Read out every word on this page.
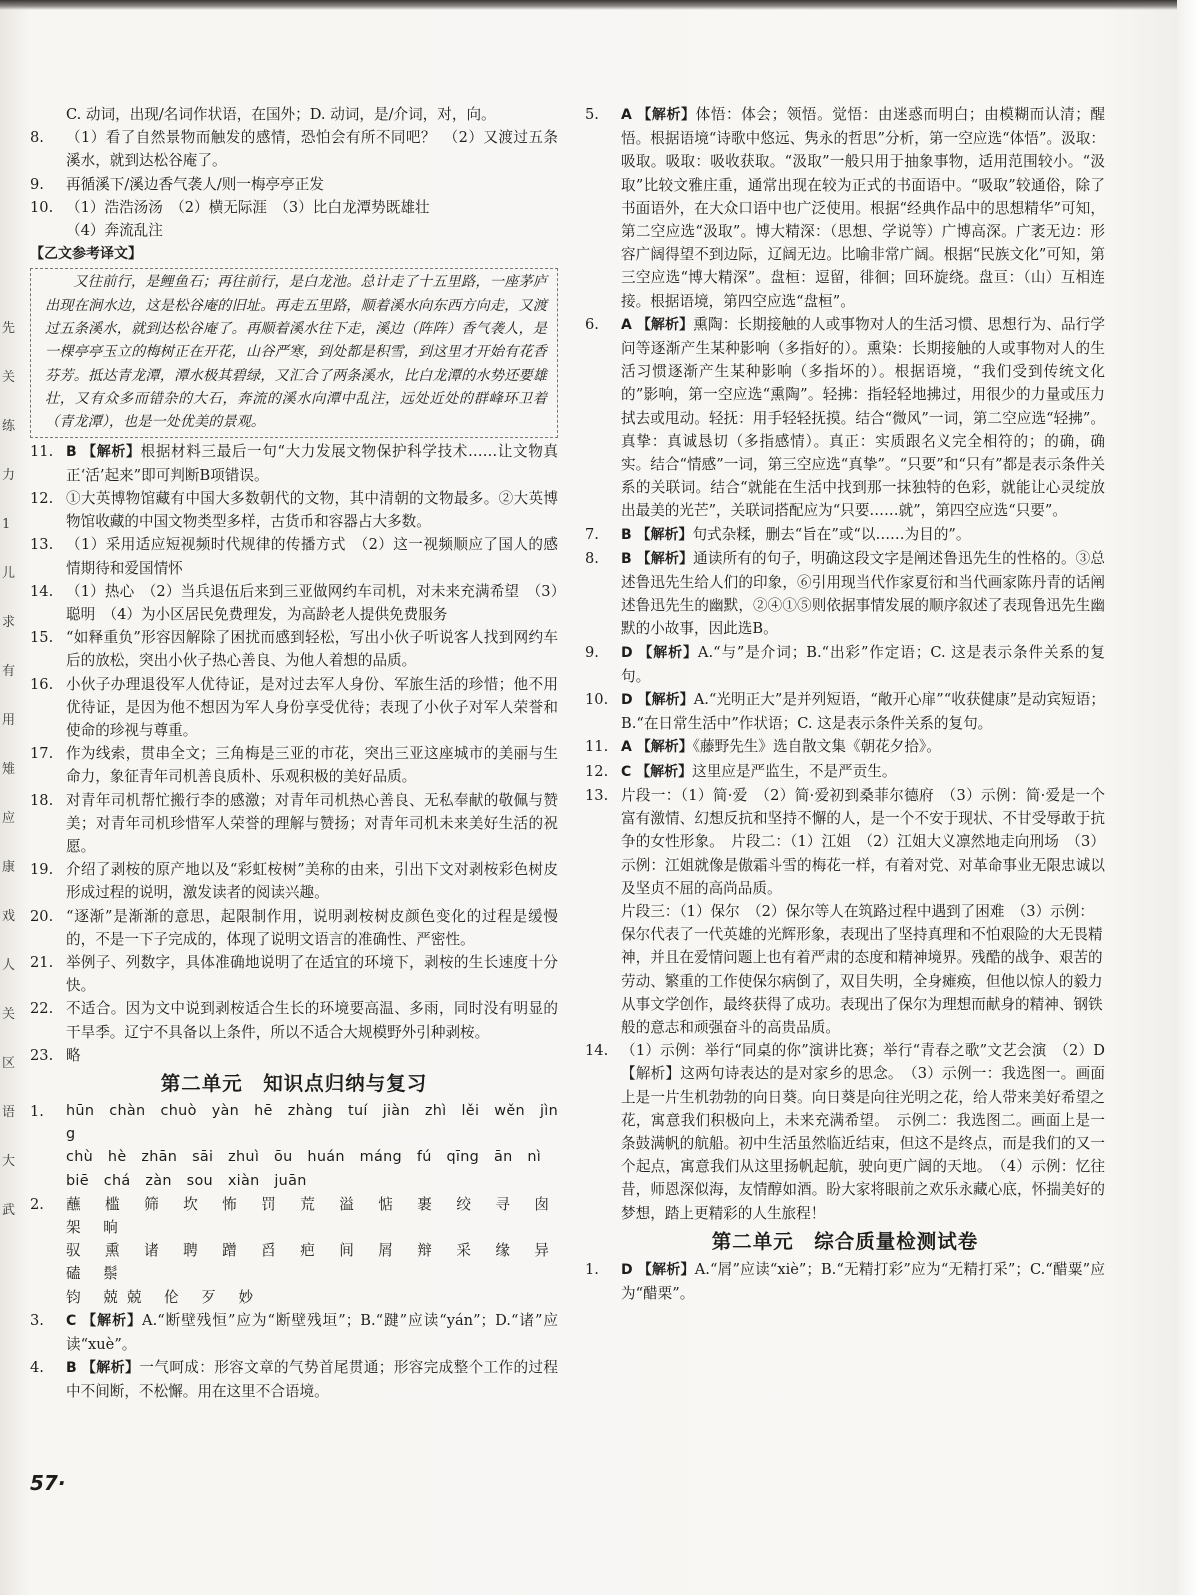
先
关
练
力
1
儿
求
有
用
雉
应
康
戏
人
关
区
语
大
武
C. 动词，出现/名词作状语，在国外；D. 动词，是/介词，对，向。
8. （1）看了自然景物而触发的感情，恐怕会有所不同吧？　（2）又渡过五条溪水，就到达松谷庵了。
9. 再循溪下/溪边香气袭人/则一梅亭亭正发
10. （1）浩浩汤汤　（2）横无际涯　（3）比白龙潭势既雄壮
（4）奔流乱注
【乙文参考译文】
又往前行，是鲤鱼石；再往前行，是白龙池。总计走了十五里路，一座茅庐出现在涧水边，这是松谷庵的旧址。再走五里路，顺着溪水向东西方向走，又渡过五条溪水，就到达松谷庵了。再顺着溪水往下走，溪边（阵阵）香气袭人，是一棵亭亭玉立的梅树正在开花，山谷严寒，到处都是积雪，到这里才开始有花香芬芳。抵达青龙潭，潭水极其碧绿，又汇合了两条溪水，比白龙潭的水势还要雄壮，又有众多而错杂的大石，奔流的溪水向潭中乱注，远处近处的群峰环卫着（青龙潭），也是一处优美的景观。
11. B 【解析】根据材料三最后一句“大力发展文物保护科学技术……让文物真正‘活’起来”即可判断B项错误。
12. ①大英博物馆藏有中国大多数朝代的文物，其中清朝的文物最多。②大英博物馆收藏的中国文物类型多样，古货币和容器占大多数。
13. （1）采用适应短视频时代规律的传播方式　（2）这一视频顺应了国人的感情期待和爱国情怀
14. （1）热心　（2）当兵退伍后来到三亚做网约车司机，对未来充满希望　（3）聪明　（4）为小区居民免费理发，为高龄老人提供免费服务
15. “如释重负”形容因解除了困扰而感到轻松，写出小伙子听说客人找到网约车后的放松，突出小伙子热心善良、为他人着想的品质。
16. 小伙子办理退役军人优待证，是对过去军人身份、军旅生活的珍惜；他不用优待证，是因为他不想因为军人身份享受优待；表现了小伙子对军人荣誉和使命的珍视与尊重。
17. 作为线索，贯串全文；三角梅是三亚的市花，突出三亚这座城市的美丽与生命力，象征青年司机善良质朴、乐观积极的美好品质。
18. 对青年司机帮忙搬行李的感激；对青年司机热心善良、无私奉献的敬佩与赞美；对青年司机珍惜军人荣誉的理解与赞扬；对青年司机未来美好生活的祝愿。
19. 介绍了剥桉的原产地以及“彩虹桉树”美称的由来，引出下文对剥桉彩色树皮形成过程的说明，激发读者的阅读兴趣。
20. “逐渐”是渐渐的意思，起限制作用，说明剥桉树皮颜色变化的过程是缓慢的，不是一下子完成的，体现了说明文语言的准确性、严密性。
21. 举例子、列数字，具体准确地说明了在适宜的环境下，剥桉的生长速度十分快。
22. 不适合。因为文中说到剥桉适合生长的环境要高温、多雨，同时没有明显的干旱季。辽宁不具备以上条件，所以不适合大规模野外引种剥桉。
23. 略
第二单元　知识点归纳与复习
1. hūn chàn chuò yàn hē zhàng tuí jiàn zhì lěi wěn jìng
chù hè zhān sāi zhuì ōu huán máng fú qīng ān nì
biē chá zàn sou xiàn juān
2. 蘸 槛 筛 坎 怖 罚 荒 溢 惦 裹 绞 寻 囱 架 晌
驭 熏 诸 聘 蹭 舀 疤 间 屑 辩 采 缘 异 磕 鬃
钧 兢兢 伦 歹 妙
3. C 【解析】A.“断壁残恒”应为“断壁残垣”；B.“踺”应读“yán”；D.“诸”应读“xuè”。
4. B 【解析】一气呵成：形容文章的气势首尾贯通；形容完成整个工作的过程中不间断，不松懈。用在这里不合语境。
5. A 【解析】体悟：体会；领悟。觉悟：由迷惑而明白；由模糊而认清；醒悟。根据语境“诗歌中悠远、隽永的哲思”分析，第一空应选“体悟”。汲取：吸取。吸取：吸收获取。“汲取”一般只用于抽象事物，适用范围较小。“汲取”比较文雅庄重，通常出现在较为正式的书面语中。“吸取”较通俗，除了书面语外，在大众口语中也广泛使用。根据“经典作品中的思想精华”可知，第二空应选“汲取”。博大精深：（思想、学说等）广博高深。广袤无边：形容广阔得望不到边际，辽阔无边。比喻非常广阔。根据“民族文化”可知，第三空应选“博大精深”。盘桓：逗留，徘徊；回环旋绕。盘亘：（山）互相连接。根据语境，第四空应选“盘桓”。
6. A 【解析】熏陶：长期接触的人或事物对人的生活习惯、思想行为、品行学问等逐渐产生某种影响（多指好的）。熏染：长期接触的人或事物对人的生活习惯逐渐产生某种影响（多指坏的）。根据语境，“我们受到传统文化的”影响，第一空应选“熏陶”。轻拂：指轻轻地拂过，用很少的力量或压力拭去或甩动。轻抚：用手轻轻抚摸。结合“微风”一词，第二空应选“轻拂”。真挚：真诚恳切（多指感情）。真正：实质跟名义完全相符的；的确，确实。结合“情感”一词，第三空应选“真挚”。“只要”和“只有”都是表示条件关系的关联词。结合“就能在生活中找到那一抹独特的色彩，就能让心灵绽放出最美的光芒”，关联词搭配应为“只要……就”，第四空应选“只要”。
7. B 【解析】句式杂糅，删去“旨在”或“以……为目的”。
8. B 【解析】通读所有的句子，明确这段文字是阐述鲁迅先生的性格的。③总述鲁迅先生给人们的印象，⑥引用现当代作家夏衍和当代画家陈丹青的话阐述鲁迅先生的幽默，②④①⑤则依据事情发展的顺序叙述了表现鲁迅先生幽默的小故事，因此选B。
9. D 【解析】A.“与”是介词；B.“出彩”作定语；C. 这是表示条件关系的复句。
10. D 【解析】A.“光明正大”是并列短语，“敞开心扉”“收获健康”是动宾短语；B.“在日常生活中”作状语；C. 这是表示条件关系的复句。
11. A 【解析】《藤野先生》选自散文集《朝花夕拾》。
12. C 【解析】这里应是严监生，不是严贡生。
13. 片段一：（1）简·爱　（2）简·爱初到桑菲尔德府　（3）示例：简·爱是一个富有激情、幻想反抗和坚持不懈的人，是一个不安于现状、不甘受辱敢于抗争的女性形象。　片段二：（1）江姐　（2）江姐大义凛然地走向刑场　（3）示例：江姐就像是傲霜斗雪的梅花一样，有着对党、对革命事业无限忠诚以及坚贞不屈的高尚品质。
片段三：（1）保尔　（2）保尔等人在筑路过程中遇到了困难　（3）示例：保尔代表了一代英雄的光辉形象，表现出了坚持真理和不怕艰险的大无畏精神，并且在爱情问题上也有着严肃的态度和精神境界。残酷的战争、艰苦的劳动、繁重的工作使保尔病倒了，双目失明，全身瘫痪，但他以惊人的毅力从事文学创作，最终获得了成功。表现出了保尔为理想而献身的精神、钢铁般的意志和顽强奋斗的高贵品质。
14. （1）示例：举行“同桌的你”演讲比赛；举行“青春之歌”文艺会演　（2）D 【解析】这两句诗表达的是对家乡的思念。　（3）示例一：我选图一。画面上是一片生机勃勃的向日葵。向日葵是向往光明之花，给人带来美好希望之花，寓意我们积极向上，未来充满希望。　示例二：我选图二。画面上是一条鼓满帆的航船。初中生活虽然临近结束，但这不是终点，而是我们的又一个起点，寓意我们从这里扬帆起航，驶向更广阔的天地。　（4）示例：忆往昔，师恩深似海，友情醇如酒。盼大家将眼前之欢乐永藏心底，怀揣美好的梦想，踏上更精彩的人生旅程！
第二单元　综合质量检测试卷
1. D 【解析】A.“屑”应读“xiè”；B.“无精打彩”应为“无精打采”；C.“醋粟”应为“醋栗”。
57·
